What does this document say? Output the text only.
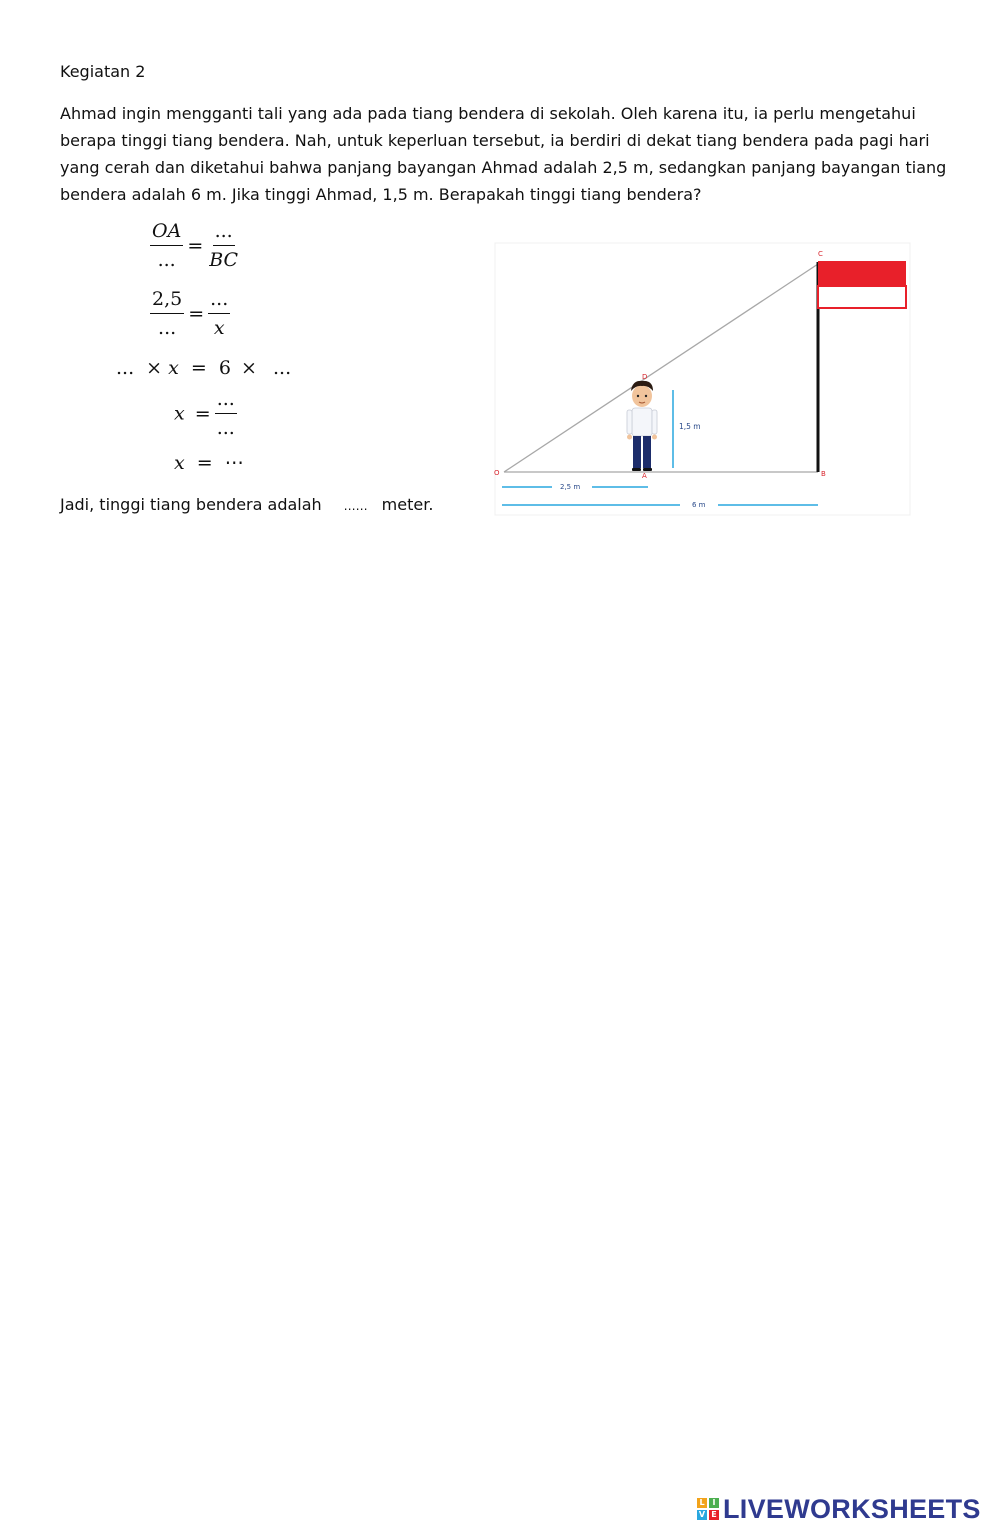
Kegiatan 2
Ahmad ingin mengganti tali yang ada pada tiang bendera di sekolah. Oleh karena itu, ia perlu mengetahui berapa tinggi tiang bendera. Nah, untuk keperluan tersebut, ia berdiri di dekat tiang bendera pada pagi hari yang cerah dan diketahui bahwa panjang bayangan Ahmad adalah 2,5 m, sedangkan panjang bayangan tiang bendera adalah 6 m. Jika tinggi Ahmad, 1,5 m. Berapakah tinggi tiang bendera?
$\frac{OA}{...} = \frac{...}{BC}$
$\frac{2,5}{...} = \frac{...}{x}$
... × x = 6 × ...
$x = \frac{...}{...}$
x = ⋯
Jadi, tinggi tiang bendera adalah …… meter.
1,5 m
O	A	B
C
D
2,5 m
6 m
L I
V E LIVEWORKSHEETS
